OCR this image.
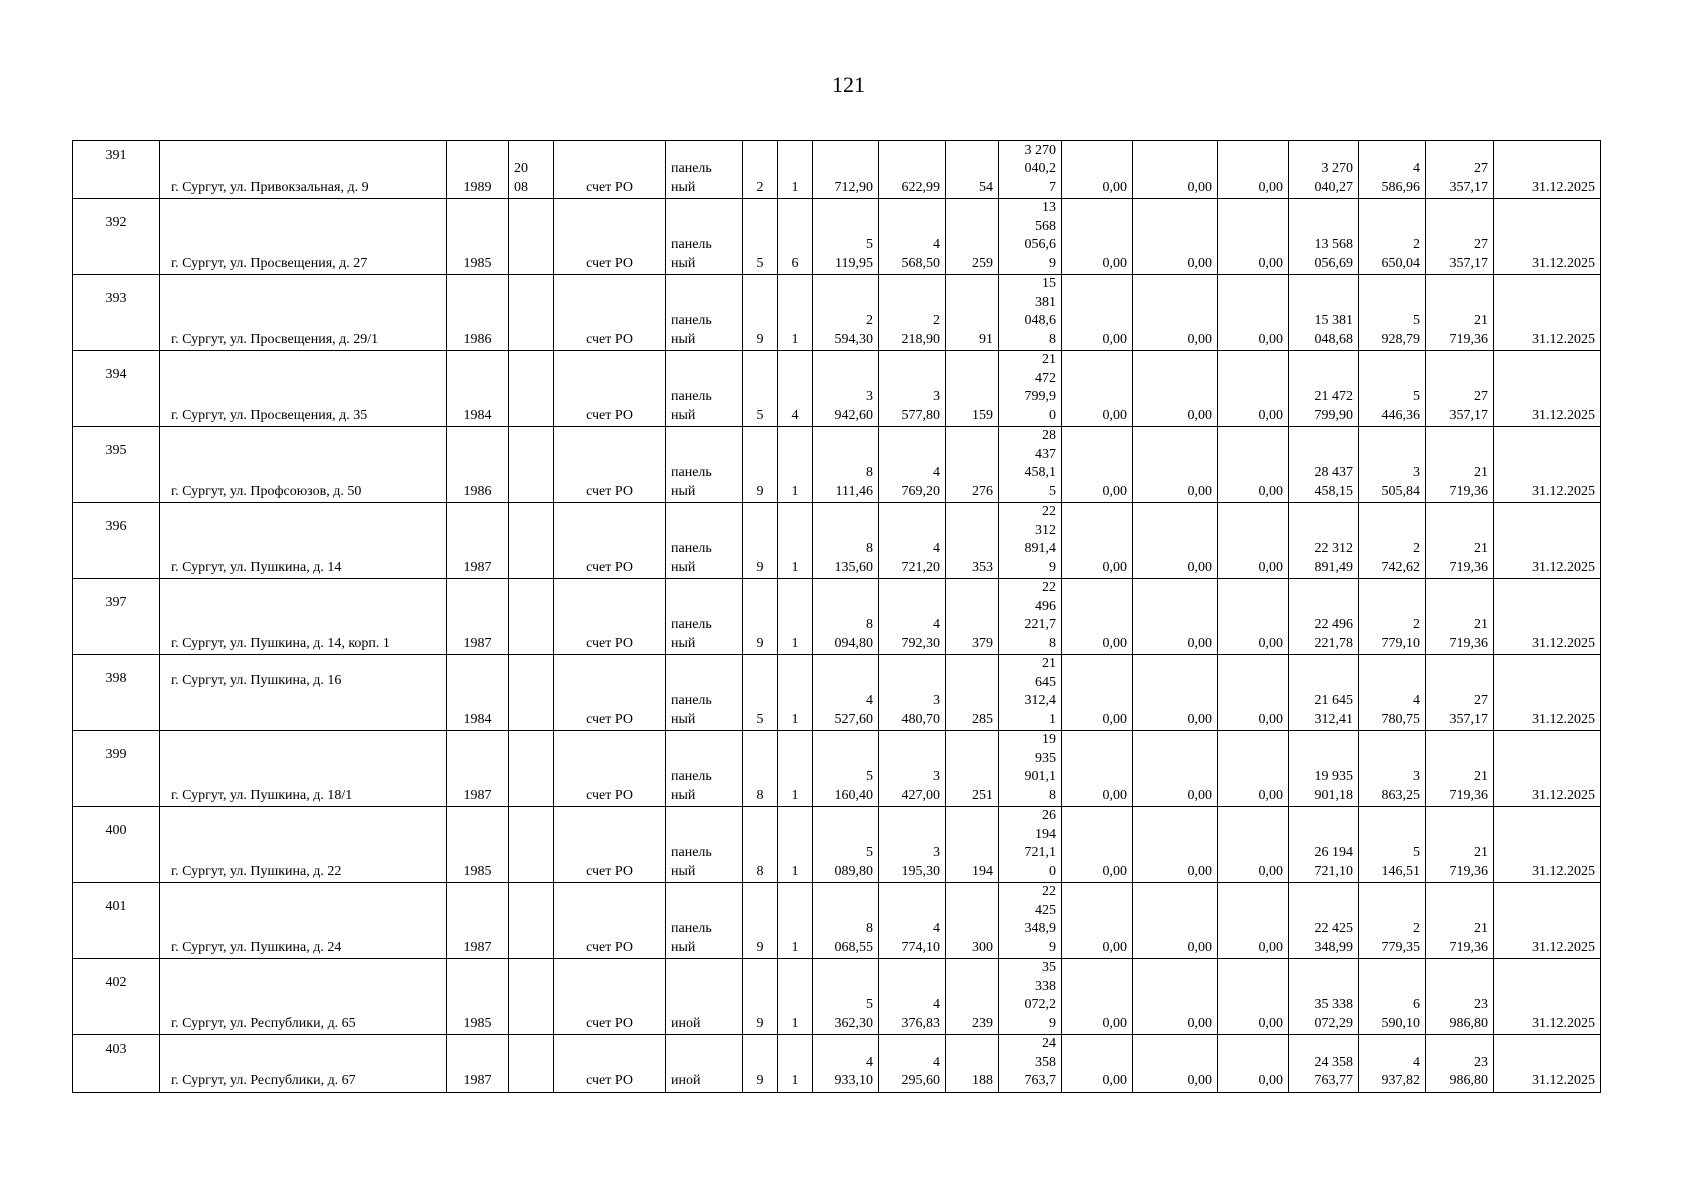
121
391	г. Сургут, ул. Привокзальная, д. 9	1989	20
08	счет РО	панель
ный	2	1	712,90	622,99	54	3 270
040,2
7	0,00	0,00	0,00	3 270
040,27	4
586,96	27
357,17	31.12.2025

392	г. Сургут, ул. Просвещения, д. 27	1985		счет РО	панель
ный	5	6	5
119,95	4
568,50	259	13
568
056,6
9	0,00	0,00	0,00	13 568
056,69	2
650,04	27
357,17	31.12.2025

393	г. Сургут, ул. Просвещения, д. 29/1	1986		счет РО	панель
ный	9	1	2
594,30	2
218,90	91	15
381
048,6
8	0,00	0,00	0,00	15 381
048,68	5
928,79	21
719,36	31.12.2025

394	г. Сургут, ул. Просвещения, д. 35	1984		счет РО	панель
ный	5	4	3
942,60	3
577,80	159	21
472
799,9
0	0,00	0,00	0,00	21 472
799,90	5
446,36	27
357,17	31.12.2025

395	г. Сургут, ул. Профсоюзов, д. 50	1986		счет РО	панель
ный	9	1	8
111,46	4
769,20	276	28
437
458,1
5	0,00	0,00	0,00	28 437
458,15	3
505,84	21
719,36	31.12.2025

396	г. Сургут, ул. Пушкина, д. 14	1987		счет РО	панель
ный	9	1	8
135,60	4
721,20	353	22
312
891,4
9	0,00	0,00	0,00	22 312
891,49	2
742,62	21
719,36	31.12.2025

397	г. Сургут, ул. Пушкина, д. 14, корп. 1	1987		счет РО	панель
ный	9	1	8
094,80	4
792,30	379	22
496
221,7
8	0,00	0,00	0,00	22 496
221,78	2
779,10	21
719,36	31.12.2025

398	г. Сургут, ул. Пушкина, д. 16	1984		счет РО	панель
ный	5	1	4
527,60	3
480,70	285	21
645
312,4
1	0,00	0,00	0,00	21 645
312,41	4
780,75	27
357,17	31.12.2025

399	г. Сургут, ул. Пушкина, д. 18/1	1987		счет РО	панель
ный	8	1	5
160,40	3
427,00	251	19
935
901,1
8	0,00	0,00	0,00	19 935
901,18	3
863,25	21
719,36	31.12.2025

400	г. Сургут, ул. Пушкина, д. 22	1985		счет РО	панель
ный	8	1	5
089,80	3
195,30	194	26
194
721,1
0	0,00	0,00	0,00	26 194
721,10	5
146,51	21
719,36	31.12.2025

401	г. Сургут, ул. Пушкина, д. 24	1987		счет РО	панель
ный	9	1	8
068,55	4
774,10	300	22
425
348,9
9	0,00	0,00	0,00	22 425
348,99	2
779,35	21
719,36	31.12.2025

402	г. Сургут, ул. Республики, д. 65	1985		счет РО	иной	9	1	5
362,30	4
376,83	239	35
338
072,2
9	0,00	0,00	0,00	35 338
072,29	6
590,10	23
986,80	31.12.2025

403	г. Сургут, ул. Республики, д. 67	1987		счет РО	иной	9	1	4
933,10	4
295,60	188	24
358
763,7	0,00	0,00	0,00	24 358
763,77	4
937,82	23
986,80	31.12.2025
